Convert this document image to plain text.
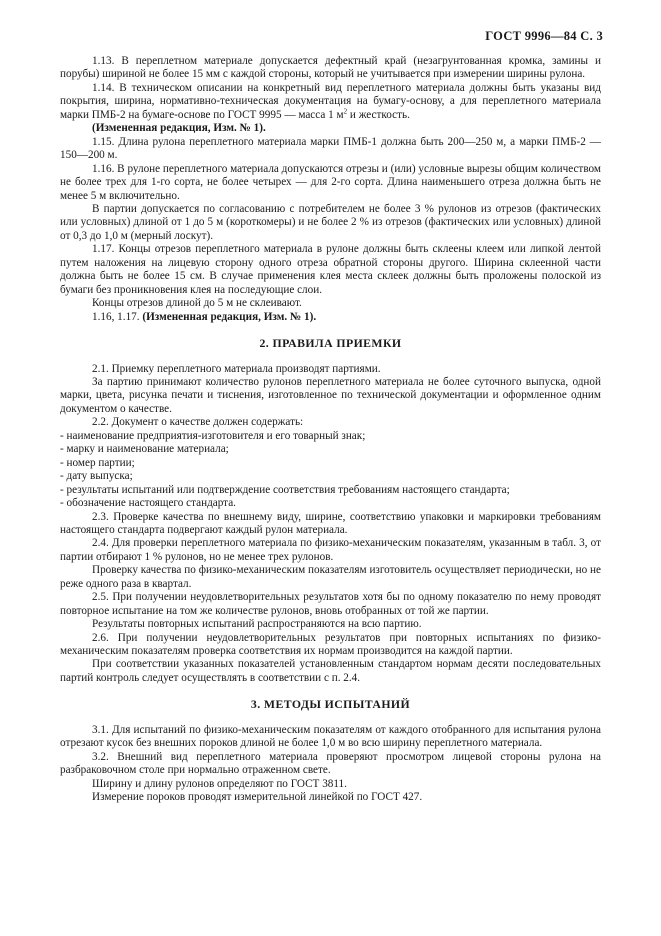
ГОСТ 9996—84 С. 3

1.13. В переплетном материале допускается дефектный край (незагрунтованная кромка, замины и порубы) шириной не более 15 мм с каждой стороны, который не учитывается при измерении ширины рулона.

1.14. В техническом описании на конкретный вид переплетного материала должны быть указаны вид покрытия, ширина, нормативно-техническая документация на бумагу-основу, а для переплетного материала марки ПМБ-2 на бумаге-основе по ГОСТ 9995 — масса 1 $м^2$ и жесткость.

(Измененная редакция, Изм. № 1).

1.15. Длина рулона переплетного материала марки ПМБ-1 должна быть 200—250 м, а марки ПМБ-2 — 150—200 м.

1.16. В рулоне переплетного материала допускаются отрезы и (или) условные вырезы общим количеством не более трех для 1-го сорта, не более четырех — для 2-го сорта. Длина наименьшего отреза должна быть не менее 5 м включительно.

В партии допускается по согласованию с потребителем не более 3 % рулонов из отрезов (фактических или условных) длиной от 1 до 5 м (короткомеры) и не более 2 % из отрезов (фактических или условных) длиной от 0,3 до 1,0 м (мерный лоскут).

1.17. Концы отрезов переплетного материала в рулоне должны быть склеены клеем или липкой лентой путем наложения на лицевую сторону одного отреза обратной стороны другого. Ширина склеенной части должна быть не более 15 см. В случае применения клея места склеек должны быть проложены полоской из бумаги без проникновения клея на последующие слои.

Концы отрезов длиной до 5 м не склеивают.

1.16, 1.17. (Измененная редакция, Изм. № 1).

2. ПРАВИЛА ПРИЕМКИ

2.1. Приемку переплетного материала производят партиями.

За партию принимают количество рулонов переплетного материала не более суточного выпуска, одной марки, цвета, рисунка печати и тиснения, изготовленное по технической документации и оформленное одним документом о качестве.

2.2. Документ о качестве должен содержать:

- наименование предприятия-изготовителя и его товарный знак;
- марку и наименование материала;
- номер партии;
- дату выпуска;
- результаты испытаний или подтверждение соответствия требованиям настоящего стандарта;
- обозначение настоящего стандарта.

2.3. Проверке качества по внешнему виду, ширине, соответствию упаковки и маркировки требованиям настоящего стандарта подвергают каждый рулон материала.

2.4. Для проверки переплетного материала по физико-механическим показателям, указанным в табл. 3, от партии отбирают 1 % рулонов, но не менее трех рулонов.

Проверку качества по физико-механическим показателям изготовитель осуществляет периодически, но не реже одного раза в квартал.

2.5. При получении неудовлетворительных результатов хотя бы по одному показателю по нему проводят повторное испытание на том же количестве рулонов, вновь отобранных от той же партии.

Результаты повторных испытаний распространяются на всю партию.

2.6. При получении неудовлетворительных результатов при повторных испытаниях по физико-механическим показателям проверка соответствия их нормам производится на каждой партии.

При соответствии указанных показателей установленным стандартом нормам десяти последовательных партий контроль следует осуществлять в соответствии с п. 2.4.

3. МЕТОДЫ ИСПЫТАНИЙ

3.1. Для испытаний по физико-механическим показателям от каждого отобранного для испытания рулона отрезают кусок без внешних пороков длиной не более 1,0 м во всю ширину переплетного материала.

3.2. Внешний вид переплетного материала проверяют просмотром лицевой стороны рулона на разбраковочном столе при нормально отраженном свете.

Ширину и длину рулонов определяют по ГОСТ 3811.

Измерение пороков проводят измерительной линейкой по ГОСТ 427.
